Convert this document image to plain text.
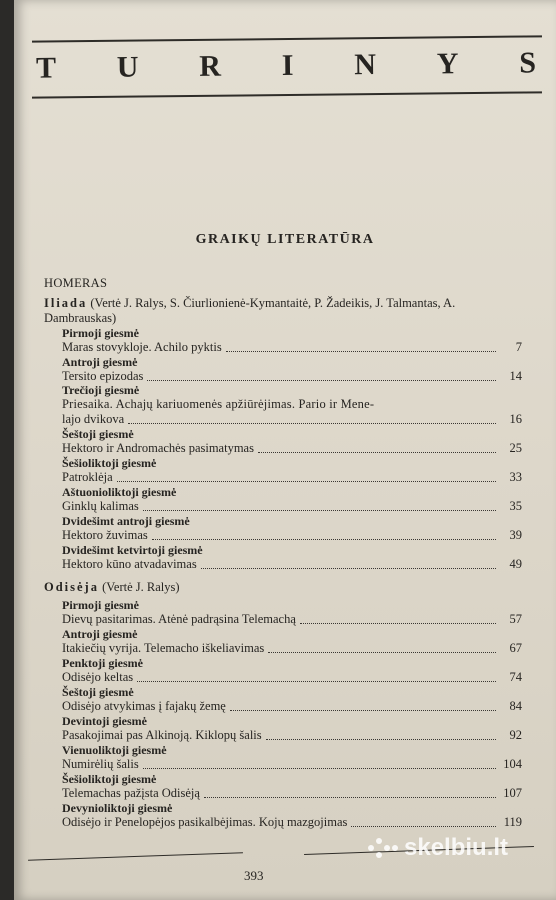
T U R I N Y S
GRAIKŲ LITERATŪRA
HOMERAS
Iliada (Vertė J. Ralys, S. Čiurlionienė-Kymantaitė, P. Žadeikis, J. Talmantas, A. Dambrauskas)
Pirmoji giesmė
Maras stovykloje. Achilo pyktis	7
Antroji giesmė
Tersito epizodas	14
Trečioji giesmė
Priesaika. Achajų kariuomenės apžiūrėjimas. Pario ir Mene-
lajo dvikova	16
Šeštoji giesmė
Hektoro ir Andromachės pasimatymas	25
Šešioliktoji giesmė
Patroklėja	33
Aštuonioliktoji giesmė
Ginklų kalimas	35
Dvidešimt antroji giesmė
Hektoro žuvimas	39
Dvidešimt ketvirtoji giesmė
Hektoro kūno atvadavimas	49
Odisėja (Vertė J. Ralys)
Pirmoji giesmė
Dievų pasitarimas. Atėnė padrąsina Telemachą	57
Antroji giesmė
Itakiečių vyrija. Telemacho iškeliavimas	67
Penktoji giesmė
Odisėjo keltas	74
Šeštoji giesmė
Odisėjo atvykimas į fajakų žemę	84
Devintoji giesmė
Pasakojimai pas Alkinoją. Kiklopų šalis	92
Vienuoliktoji giesmė
Numirėlių šalis	104
Šešioliktoji giesmė
Telemachas pažįsta Odisėją	107
Devynioliktoji giesmė
Odisėjo ir Penelopėjos pasikalbėjimas. Kojų mazgojimas	119
393
skelbiu.lt
